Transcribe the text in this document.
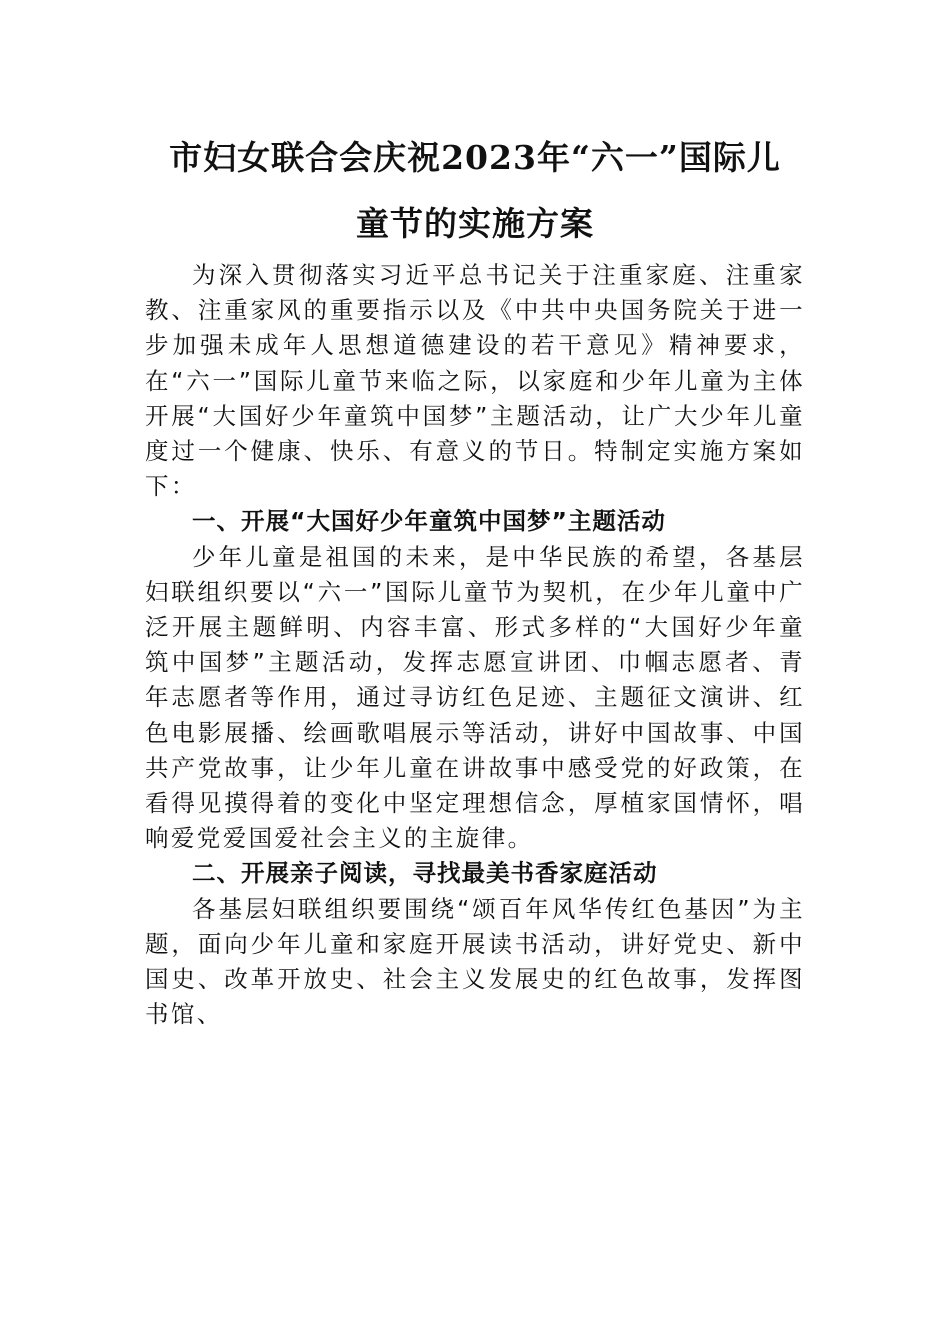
市妇女联合会庆祝2023年“六一”国际儿
童节的实施方案

为深入贯彻落实习近平总书记关于注重家庭、注重家教、注重家风的重要指示以及《中共中央国务院关于进一步加强未成年人思想道德建设的若干意见》精神要求，在“六一”国际儿童节来临之际，以家庭和少年儿童为主体开展“大国好少年童筑中国梦”主题活动，让广大少年儿童度过一个健康、快乐、有意义的节日。特制定实施方案如下：

一、开展“大国好少年童筑中国梦”主题活动

少年儿童是祖国的未来，是中华民族的希望，各基层妇联组织要以“六一”国际儿童节为契机，在少年儿童中广泛开展主题鲜明、内容丰富、形式多样的“大国好少年童筑中国梦”主题活动，发挥志愿宣讲团、巾帼志愿者、青年志愿者等作用，通过寻访红色足迹、主题征文演讲、红色电影展播、绘画歌唱展示等活动，讲好中国故事、中国共产党故事，让少年儿童在讲故事中感受党的好政策，在看得见摸得着的变化中坚定理想信念，厚植家国情怀，唱响爱党爱国爱社会主义的主旋律。

二、开展亲子阅读，寻找最美书香家庭活动

各基层妇联组织要围绕“颂百年风华传红色基因”为主题，面向少年儿童和家庭开展读书活动，讲好党史、新中国史、改革开放史、社会主义发展史的红色故事，发挥图书馆、
